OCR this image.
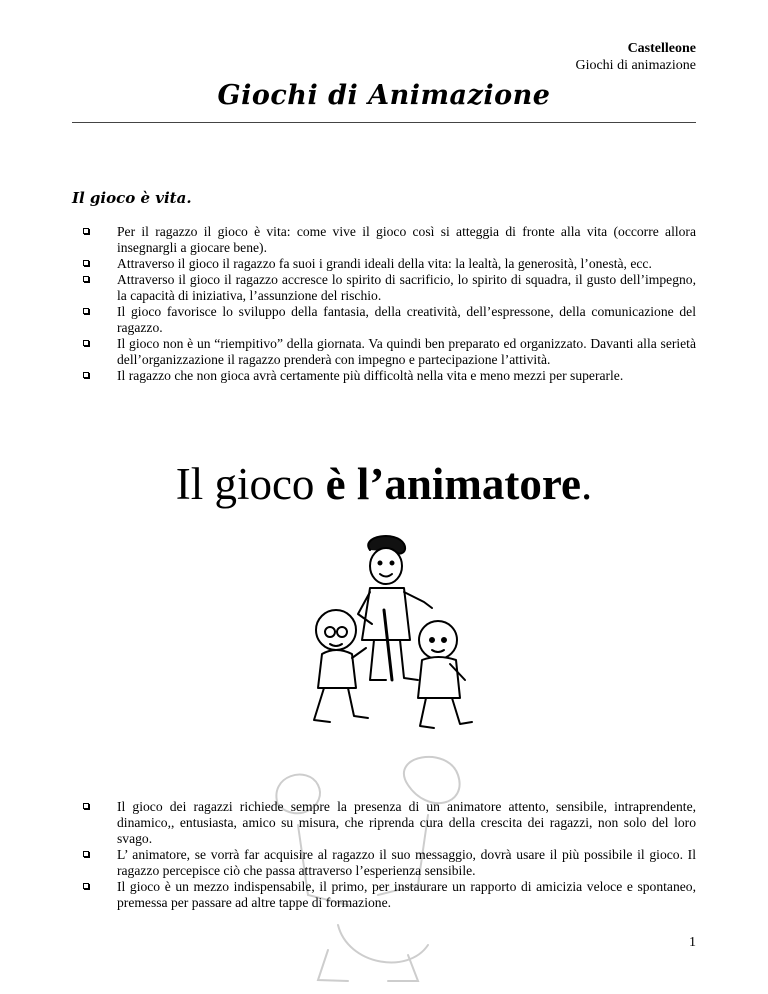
Castelleone
Giochi di animazione
Giochi di Animazione
Il gioco è vita.
Per il ragazzo il gioco è vita: come vive il gioco così si atteggia di fronte alla vita (occorre allora insegnargli a giocare bene).
Attraverso il gioco il ragazzo fa suoi i grandi ideali della vita: la lealtà, la generosità, l’onestà, ecc.
Attraverso il gioco il ragazzo accresce lo spirito di sacrificio, lo spirito di squadra, il gusto dell’impegno, la capacità di iniziativa, l’assunzione del rischio.
Il gioco favorisce lo sviluppo della fantasia, della creatività, dell’espressone, della comunicazione del ragazzo.
Il gioco non è un “riempitivo” della giornata. Va quindi ben preparato ed organizzato. Davanti alla serietà dell’organizzazione il ragazzo prenderà con impegno e partecipazione l’attività.
Il ragazzo che non gioca avrà certamente più difficoltà nella vita e meno mezzi per superarle.
Il gioco è l’animatore.
Il gioco dei ragazzi richiede sempre la presenza di un animatore attento, sensibile, intraprendente, dinamico,, entusiasta, amico su misura, che riprenda cura della crescita dei ragazzi, non solo del loro svago.
L’ animatore, se vorrà far acquisire al ragazzo il suo messaggio, dovrà usare il più possibile il gioco. Il ragazzo percepisce ciò che passa attraverso l’esperienza sensibile.
Il gioco è un mezzo indispensabile, il primo, per instaurare un rapporto di amicizia veloce e spontaneo, premessa per passare ad altre tappe di formazione.
1
